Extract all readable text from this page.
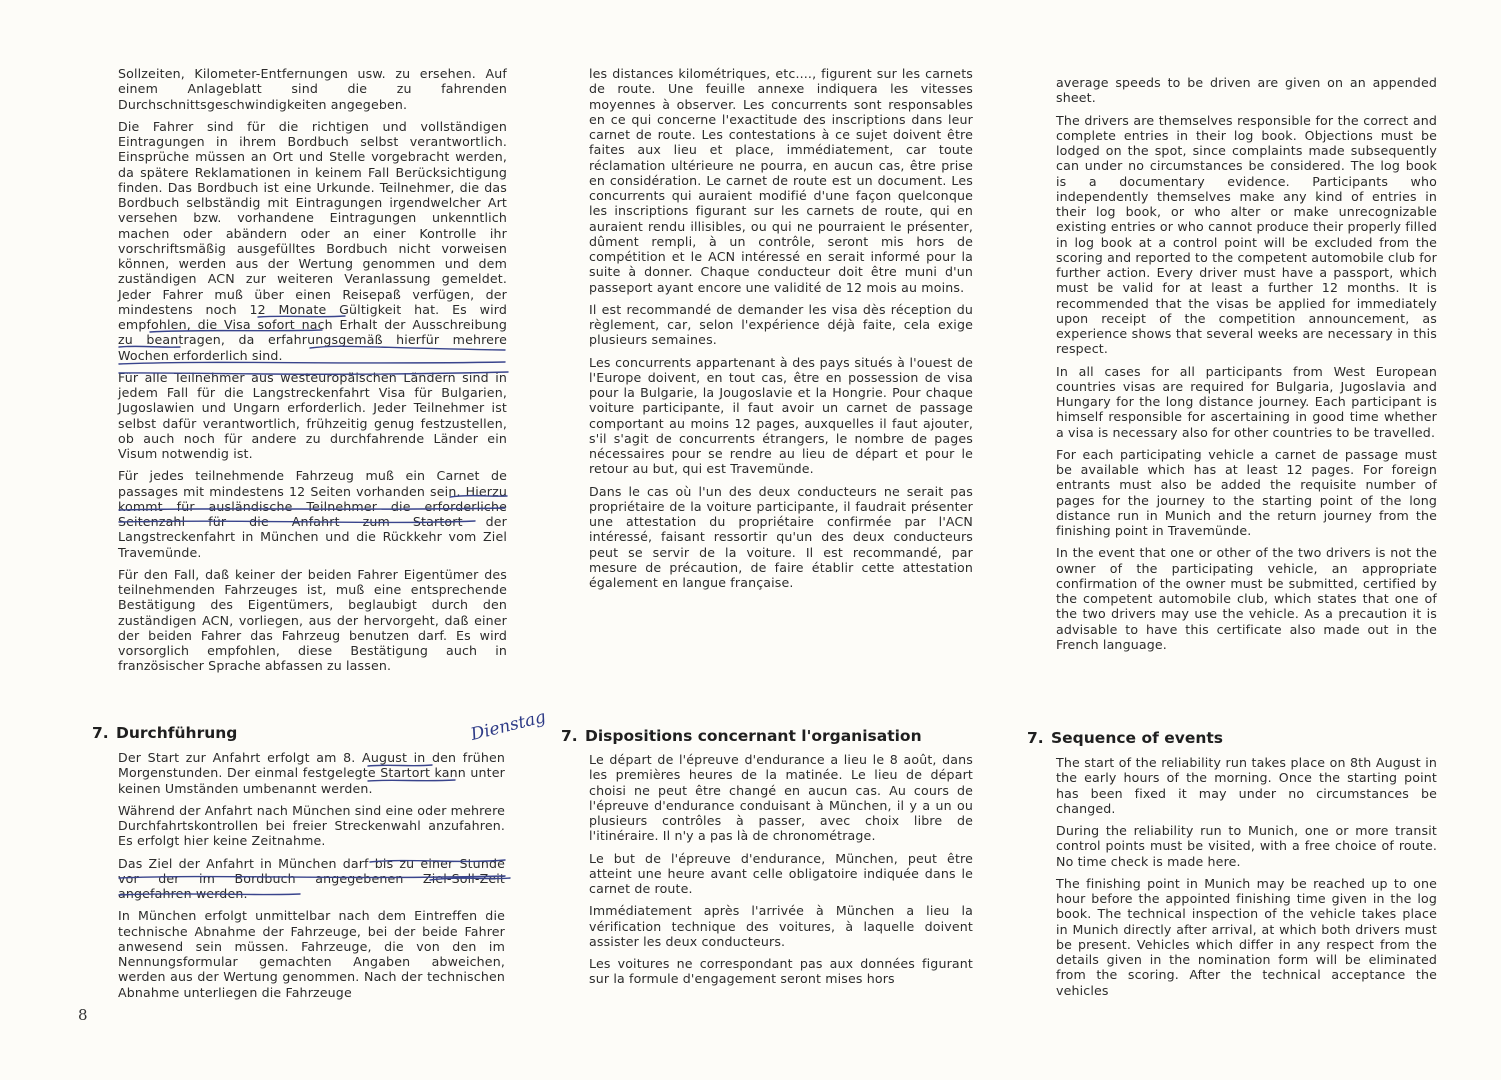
Sollzeiten, Kilometer-Entfernungen usw. zu ersehen. Auf einem Anlageblatt sind die zu fahrenden Durchschnittsgeschwindigkeiten angegeben.

Die Fahrer sind für die richtigen und vollständigen Eintragungen in ihrem Bordbuch selbst verantwortlich. Einsprüche müssen an Ort und Stelle vorgebracht werden, da spätere Reklamationen in keinem Fall Berücksichtigung finden. Das Bordbuch ist eine Urkunde. Teilnehmer, die das Bordbuch selbständig mit Eintragungen irgendwelcher Art versehen bzw. vorhandene Eintragungen unkenntlich machen oder abändern oder an einer Kontrolle ihr vorschriftsmäßig ausgefülltes Bordbuch nicht vorweisen können, werden aus der Wertung genommen und dem zuständigen ACN zur weiteren Veranlassung gemeldet. Jeder Fahrer muß über einen Reisepaß verfügen, der mindestens noch 12 Monate Gültigkeit hat. Es wird empfohlen, die Visa sofort nach Erhalt der Ausschreibung zu beantragen, da erfahrungsgemäß hierfür mehrere Wochen erforderlich sind.

Für alle Teilnehmer aus westeuropäischen Ländern sind in jedem Fall für die Langstreckenfahrt Visa für Bulgarien, Jugoslawien und Ungarn erforderlich. Jeder Teilnehmer ist selbst dafür verantwortlich, frühzeitig genug festzustellen, ob auch noch für andere zu durchfahrende Länder ein Visum notwendig ist.

Für jedes teilnehmende Fahrzeug muß ein Carnet de passages mit mindestens 12 Seiten vorhanden sein. Hierzu kommt für ausländische Teilnehmer die erforderliche Seitenzahl für die Anfahrt zum Startort der Langstreckenfahrt in München und die Rückkehr vom Ziel Travemünde.

Für den Fall, daß keiner der beiden Fahrer Eigentümer des teilnehmenden Fahrzeuges ist, muß eine entsprechende Bestätigung des Eigentümers, beglaubigt durch den zuständigen ACN, vorliegen, aus der hervorgeht, daß einer der beiden Fahrer das Fahrzeug benutzen darf. Es wird vorsorglich empfohlen, diese Bestätigung auch in französischer Sprache abfassen zu lassen.

les distances kilométriques, etc...., figurent sur les carnets de route. Une feuille annexe indiquera les vitesses moyennes à observer. Les concurrents sont responsables en ce qui concerne l'exactitude des inscriptions dans leur carnet de route. Les contestations à ce sujet doivent être faites aux lieu et place, immédiatement, car toute réclamation ultérieure ne pourra, en aucun cas, être prise en considération. Le carnet de route est un document. Les concurrents qui auraient modifié d'une façon quelconque les inscriptions figurant sur les carnets de route, qui en auraient rendu illisibles, ou qui ne pourraient le présenter, dûment rempli, à un contrôle, seront mis hors de compétition et le ACN intéressé en serait informé pour la suite à donner. Chaque conducteur doit être muni d'un passeport ayant encore une validité de 12 mois au moins.

Il est recommandé de demander les visa dès réception du règlement, car, selon l'expérience déjà faite, cela exige plusieurs semaines.

Les concurrents appartenant à des pays situés à l'ouest de l'Europe doivent, en tout cas, être en possession de visa pour la Bulgarie, la Jougoslavie et la Hongrie. Pour chaque voiture participante, il faut avoir un carnet de passage comportant au moins 12 pages, auxquelles il faut ajouter, s'il s'agit de concurrents étrangers, le nombre de pages nécessaires pour se rendre au lieu de départ et pour le retour au but, qui est Travemünde.

Dans le cas où l'un des deux conducteurs ne serait pas propriétaire de la voiture participante, il faudrait présenter une attestation du propriétaire confirmée par l'ACN intéressé, faisant ressortir qu'un des deux conducteurs peut se servir de la voiture. Il est recommandé, par mesure de précaution, de faire établir cette attestation également en langue française.

average speeds to be driven are given on an appended sheet.

The drivers are themselves responsible for the correct and complete entries in their log book. Objections must be lodged on the spot, since complaints made subsequently can under no circumstances be considered. The log book is a documentary evidence. Participants who independently themselves make any kind of entries in their log book, or who alter or make unrecognizable existing entries or who cannot produce their properly filled in log book at a control point will be excluded from the scoring and reported to the competent automobile club for further action. Every driver must have a passport, which must be valid for at least a further 12 months. It is recommended that the visas be applied for immediately upon receipt of the competition announcement, as experience shows that several weeks are necessary in this respect.

In all cases for all participants from West European countries visas are required for Bulgaria, Jugoslavia and Hungary for the long distance journey. Each participant is himself responsible for ascertaining in good time whether a visa is necessary also for other countries to be travelled.

For each participating vehicle a carnet de passage must be available which has at least 12 pages. For foreign entrants must also be added the requisite number of pages for the journey to the starting point of the long distance run in Munich and the return journey from the finishing point in Travemünde.

In the event that one or other of the two drivers is not the owner of the participating vehicle, an appropriate confirmation of the owner must be submitted, certified by the competent automobile club, which states that one of the two drivers may use the vehicle. As a precaution it is advisable to have this certificate also made out in the French language.

7. Durchführung	7. Dispositions concernant l'organisation	7. Sequence of events
Dienstag

Der Start zur Anfahrt erfolgt am 8. August in den frühen Morgenstunden. Der einmal festgelegte Startort kann unter keinen Umständen umbenannt werden.

Während der Anfahrt nach München sind eine oder mehrere Durchfahrtskontrollen bei freier Streckenwahl anzufahren. Es erfolgt hier keine Zeitnahme.

Das Ziel der Anfahrt in München darf bis zu einer Stunde vor der im Bordbuch angegebenen Ziel-Soll-Zeit angefahren werden.

In München erfolgt unmittelbar nach dem Eintreffen die technische Abnahme der Fahrzeuge, bei der beide Fahrer anwesend sein müssen. Fahrzeuge, die von den im Nennungsformular gemachten Angaben abweichen, werden aus der Wertung genommen. Nach der technischen Abnahme unterliegen die Fahrzeuge

Le départ de l'épreuve d'endurance a lieu le 8 août, dans les premières heures de la matinée. Le lieu de départ choisi ne peut être changé en aucun cas. Au cours de l'épreuve d'endurance conduisant à München, il y a un ou plusieurs contrôles à passer, avec choix libre de l'itinéraire. Il n'y a pas là de chronométrage.

Le but de l'épreuve d'endurance, München, peut être atteint une heure avant celle obligatoire indiquée dans le carnet de route.

Immédiatement après l'arrivée à München a lieu la vérification technique des voitures, à laquelle doivent assister les deux conducteurs.

Les voitures ne correspondant pas aux données figurant sur la formule d'engagement seront mises hors

The start of the reliability run takes place on 8th August in the early hours of the morning. Once the starting point has been fixed it may under no circumstances be changed.

During the reliability run to Munich, one or more transit control points must be visited, with a free choice of route. No time check is made here.

The finishing point in Munich may be reached up to one hour before the appointed finishing time given in the log book. The technical inspection of the vehicle takes place in Munich directly after arrival, at which both drivers must be present. Vehicles which differ in any respect from the details given in the nomination form will be eliminated from the scoring. After the technical acceptance the vehicles

8
